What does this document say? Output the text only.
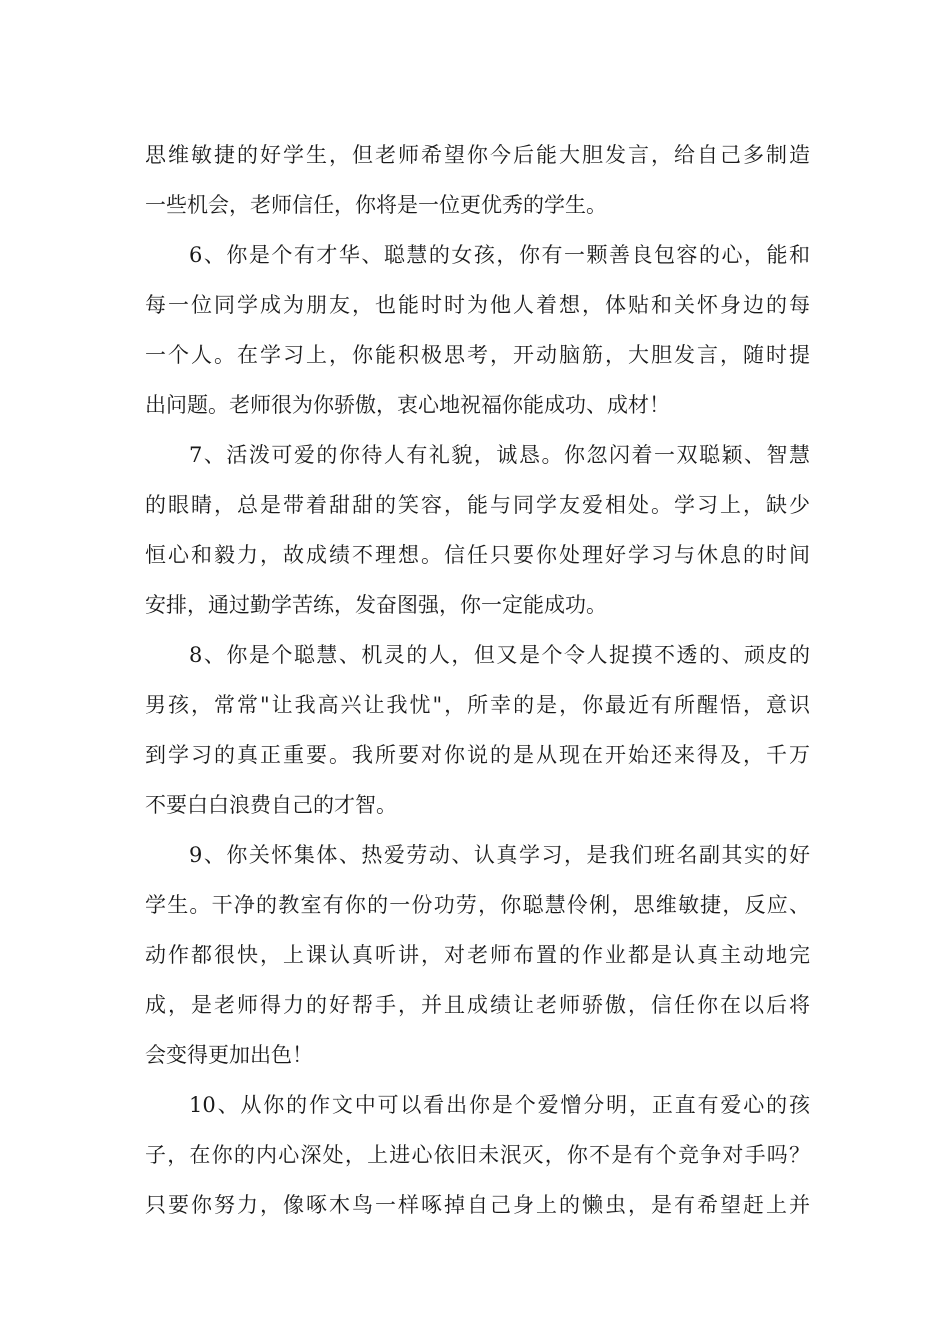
思维敏捷的好学生，但老师希望你今后能大胆发言，给自己多制造
一些机会，老师信任，你将是一位更优秀的学生。
6、你是个有才华、聪慧的女孩，你有一颗善良包容的心，能和
每一位同学成为朋友，也能时时为他人着想，体贴和关怀身边的每
一个人。在学习上，你能积极思考，开动脑筋，大胆发言，随时提
出问题。老师很为你骄傲，衷心地祝福你能成功、成材！
7、活泼可爱的你待人有礼貌，诚恳。你忽闪着一双聪颖、智慧
的眼睛，总是带着甜甜的笑容，能与同学友爱相处。学习上，缺少
恒心和毅力，故成绩不理想。信任只要你处理好学习与休息的时间
安排，通过勤学苦练，发奋图强，你一定能成功。
8、你是个聪慧、机灵的人，但又是个令人捉摸不透的、顽皮的
男孩，常常"让我高兴让我忧"，所幸的是，你最近有所醒悟，意识
到学习的真正重要。我所要对你说的是从现在开始还来得及，千万
不要白白浪费自己的才智。
9、你关怀集体、热爱劳动、认真学习，是我们班名副其实的好
学生。干净的教室有你的一份功劳，你聪慧伶俐，思维敏捷，反应、
动作都很快，上课认真听讲，对老师布置的作业都是认真主动地完
成，是老师得力的好帮手，并且成绩让老师骄傲，信任你在以后将
会变得更加出色！
10、从你的作文中可以看出你是个爱憎分明，正直有爱心的孩
子，在你的内心深处，上进心依旧未泯灭，你不是有个竞争对手吗？
只要你努力，像啄木鸟一样啄掉自己身上的懒虫，是有希望赶上并
